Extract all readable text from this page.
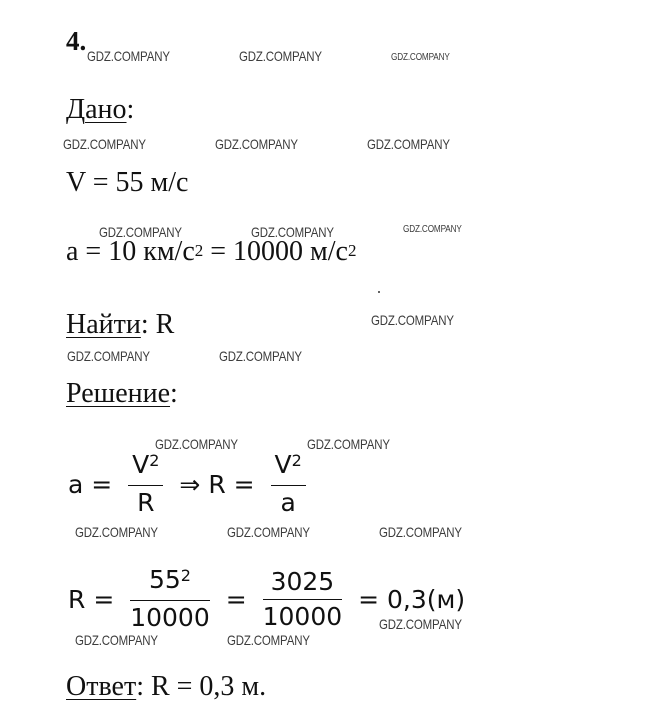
4.
Дано:
V = 55 м/с
a = 10 $км/с^2 = 10000$ $м/с^2$
Найти: R
Решение:
$a = \frac{V^2}{R}$ ⇒ $R = \frac{V^2}{a}$
$R = \frac{55^2}{10000} = \frac{3025}{10000} = 0,3(м)$
Ответ: R = 0,3 м.
GDZ.COMPANY	GDZ.COMPANY	GDZ.COMPANY
GDZ.COMPANY	GDZ.COMPANY	GDZ.COMPANY
GDZ.COMPANY	GDZ.COMPANY	GDZ.COMPANY
GDZ.COMPANY
GDZ.COMPANY	GDZ.COMPANY
GDZ.COMPANY	GDZ.COMPANY
GDZ.COMPANY	GDZ.COMPANY	GDZ.COMPANY
GDZ.COMPANY
GDZ.COMPANY	GDZ.COMPANY
